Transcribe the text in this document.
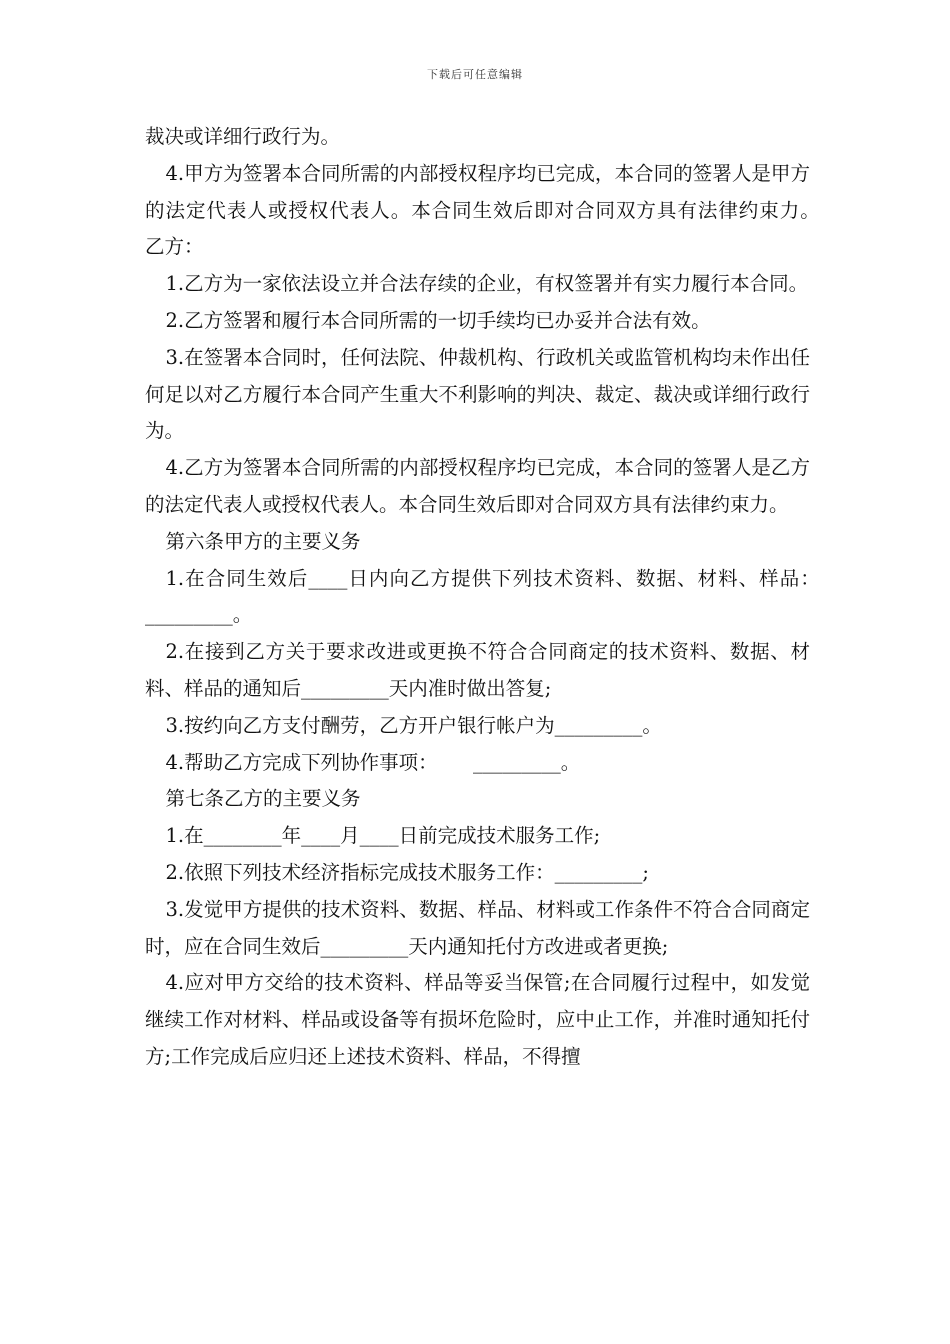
下载后可任意编辑

裁决或详细行政行为。

4.甲方为签署本合同所需的内部授权程序均已完成，本合同的签署人是甲方的法定代表人或授权代表人。本合同生效后即对合同双方具有法律约束力。　　 乙方：

1.乙方为一家依法设立并合法存续的企业，有权签署并有实力履行本合同。

2.乙方签署和履行本合同所需的一切手续均已办妥并合法有效。

3.在签署本合同时，任何法院、仲裁机构、行政机关或监管机构均未作出任何足以对乙方履行本合同产生重大不利影响的判决、裁定、裁决或详细行政行为。

4.乙方为签署本合同所需的内部授权程序均已完成，本合同的签署人是乙方的法定代表人或授权代表人。本合同生效后即对合同双方具有法律约束力。

第六条甲方的主要义务

1.在合同生效后____日内向乙方提供下列技术资料、数据、材料、样品：　　 _________。

2.在接到乙方关于要求改进或更换不符合合同商定的技术资料、数据、材料、样品的通知后_________天内准时做出答复;

3.按约向乙方支付酬劳，乙方开户银行帐户为_________。

4.帮助乙方完成下列协作事项：　　 _________。

第七条乙方的主要义务

1.在________年____月____日前完成技术服务工作;

2.依照下列技术经济指标完成技术服务工作：_________;

3.发觉甲方提供的技术资料、数据、样品、材料或工作条件不符合合同商定时，应在合同生效后_________天内通知托付方改进或者更换;

4.应对甲方交给的技术资料、样品等妥当保管;在合同履行过程中，如发觉继续工作对材料、样品或设备等有损坏危险时，应中止工作，并准时通知托付方;工作完成后应归还上述技术资料、样品，不得擅
